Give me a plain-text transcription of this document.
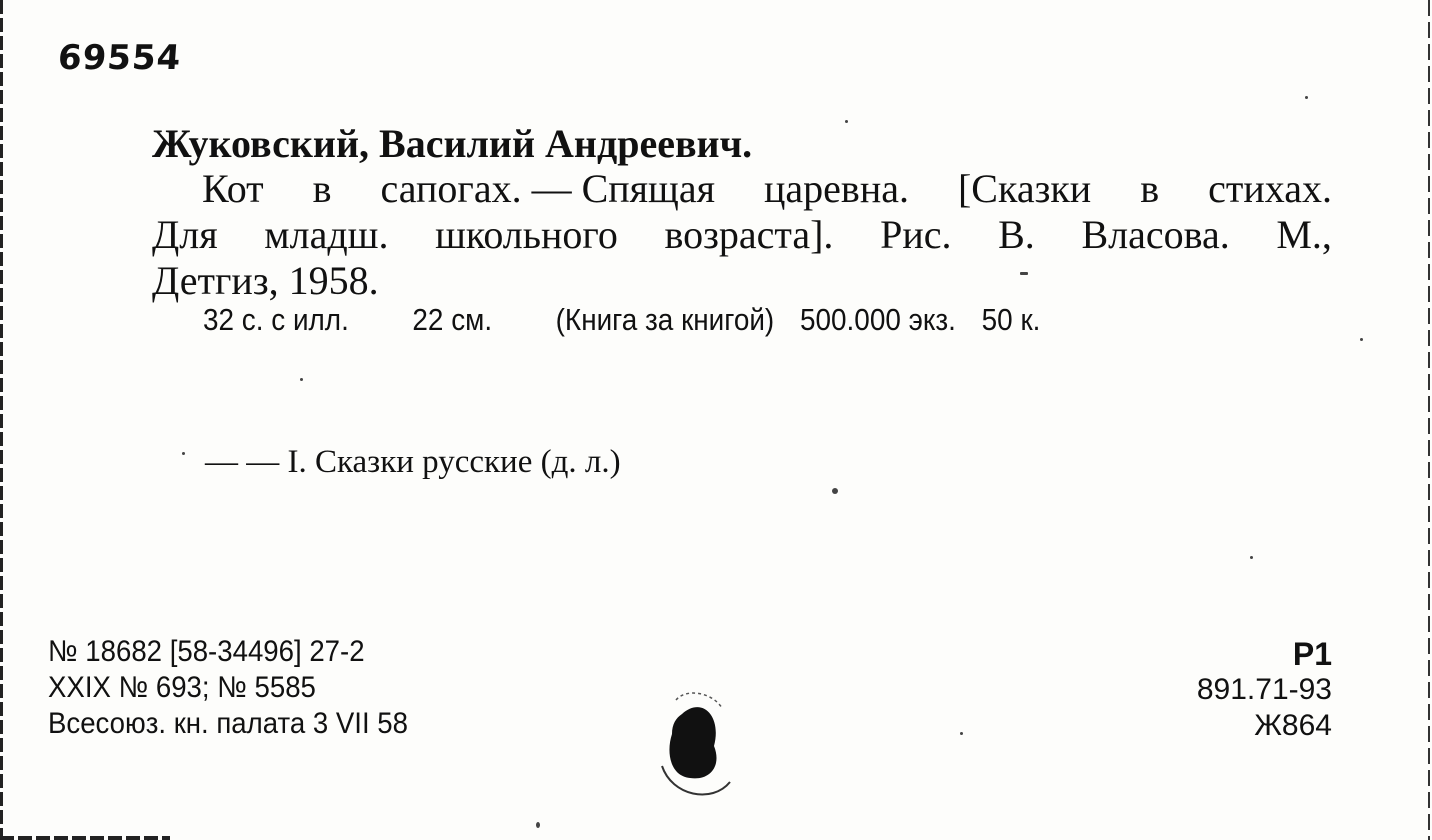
69554
Жуковский, Василий Андреевич.
Кот в сапогах. — Спящая царевна. [Сказки в стихах.
Для младш. школьного возраста]. Рис. В. Власова. М.,
Детгиз, 1958.
32 с. с илл. 22 см. (Книга за книгой) 500.000 экз. 50 к.
— — I. Сказки русские (д. л.)
№ 18682 [58-34496] 27-2
XXIX № 693; № 5585
Всесоюз. кн. палата 3 VII 58
Р1
891.71-93
Ж864
